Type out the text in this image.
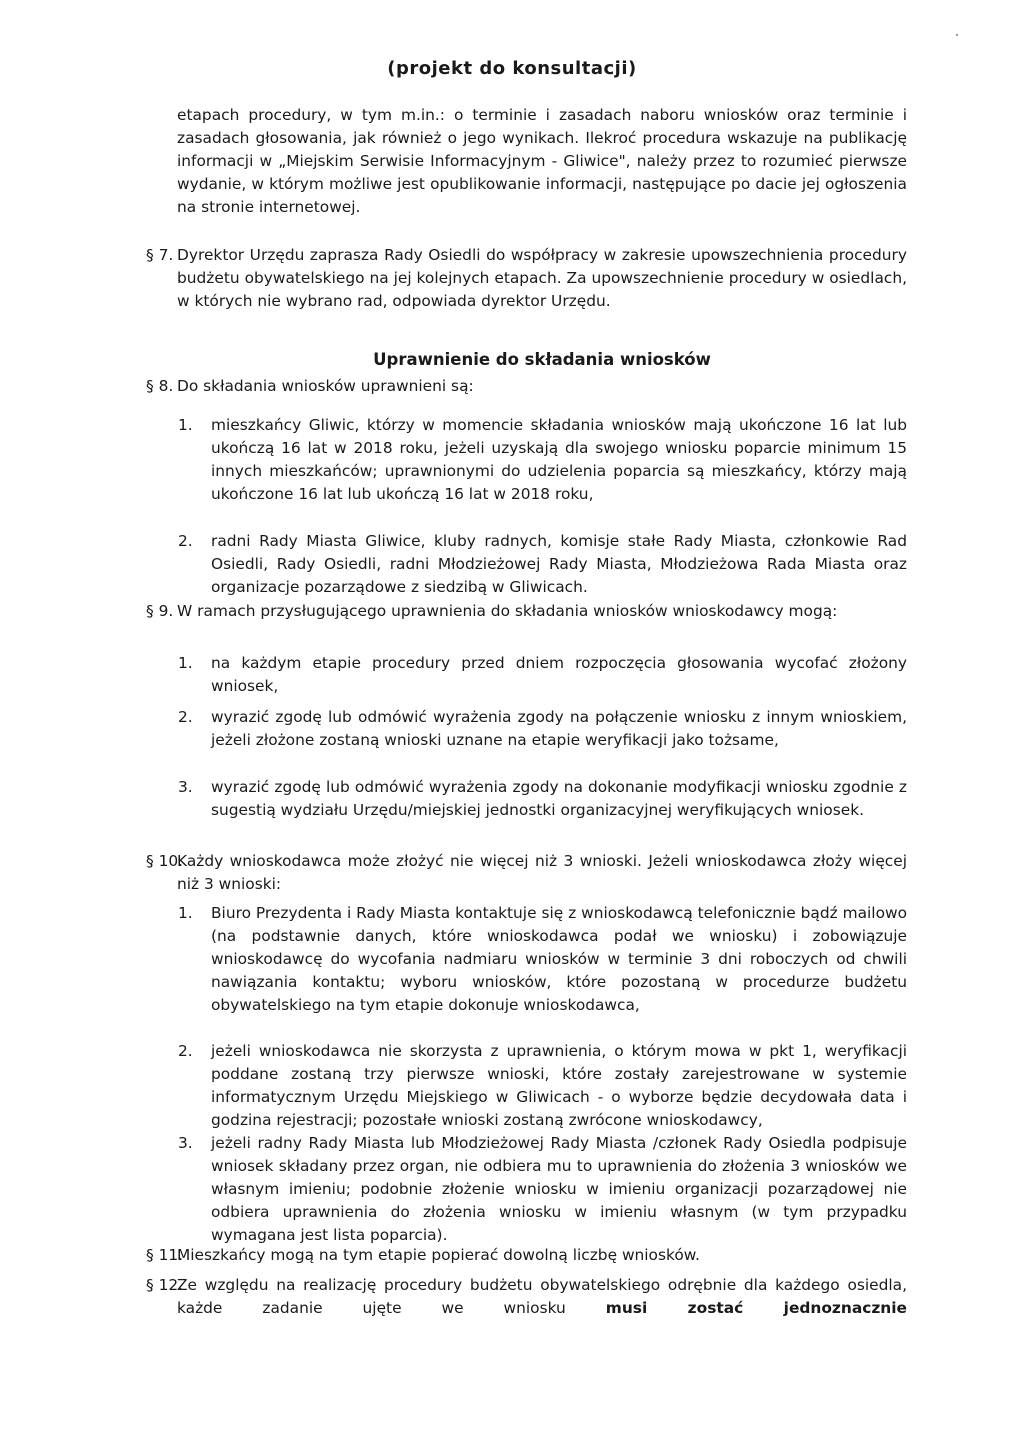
(projekt do konsultacji)
etapach procedury, w tym m.in.: o terminie i zasadach naboru wniosków oraz terminie i zasadach głosowania, jak również o jego wynikach. Ilekroć procedura wskazuje na publikację informacji w „Miejskim Serwisie Informacyjnym - Gliwice", należy przez to rozumieć pierwsze wydanie, w którym możliwe jest opublikowanie informacji, następujące po dacie jej ogłoszenia na stronie internetowej.
§ 7. Dyrektor Urzędu zaprasza Rady Osiedli do współpracy w zakresie upowszechnienia procedury budżetu obywatelskiego na jej kolejnych etapach. Za upowszechnienie procedury w osiedlach, w których nie wybrano rad, odpowiada dyrektor Urzędu.
Uprawnienie do składania wniosków
§ 8. Do składania wniosków uprawnieni są:
1. mieszkańcy Gliwic, którzy w momencie składania wniosków mają ukończone 16 lat lub ukończą 16 lat w 2018 roku, jeżeli uzyskają dla swojego wniosku poparcie minimum 15 innych mieszkańców; uprawnionymi do udzielenia poparcia są mieszkańcy, którzy mają ukończone 16 lat lub ukończą 16 lat w 2018 roku,
2. radni Rady Miasta Gliwice, kluby radnych, komisje stałe Rady Miasta, członkowie Rad Osiedli, Rady Osiedli, radni Młodzieżowej Rady Miasta, Młodzieżowa Rada Miasta oraz organizacje pozarządowe z siedzibą w Gliwicach.
§ 9. W ramach przysługującego uprawnienia do składania wniosków wnioskodawcy mogą:
1. na każdym etapie procedury przed dniem rozpoczęcia głosowania wycofać złożony wniosek,
2. wyrazić zgodę lub odmówić wyrażenia zgody na połączenie wniosku z innym wnioskiem, jeżeli złożone zostaną wnioski uznane na etapie weryfikacji jako tożsame,
3. wyrazić zgodę lub odmówić wyrażenia zgody na dokonanie modyfikacji wniosku zgodnie z sugestią wydziału Urzędu/miejskiej jednostki organizacyjnej weryfikujących wniosek.
§ 10.
Każdy wnioskodawca może złożyć nie więcej niż 3 wnioski. Jeżeli wnioskodawca złoży więcej niż 3 wnioski:
1. Biuro Prezydenta i Rady Miasta kontaktuje się z wnioskodawcą telefonicznie bądź mailowo (na podstawnie danych, które wnioskodawca podał we wniosku) i zobowiązuje wnioskodawcę do wycofania nadmiaru wniosków w terminie 3 dni roboczych od chwili nawiązania kontaktu; wyboru wniosków, które pozostaną w procedurze budżetu obywatelskiego na tym etapie dokonuje wnioskodawca,
2. jeżeli wnioskodawca nie skorzysta z uprawnienia, o którym mowa w pkt 1, weryfikacji poddane zostaną trzy pierwsze wnioski, które zostały zarejestrowane w systemie informatycznym Urzędu Miejskiego w Gliwicach - o wyborze będzie decydowała data i godzina rejestracji; pozostałe wnioski zostaną zwrócone wnioskodawcy,
3. jeżeli radny Rady Miasta lub Młodzieżowej Rady Miasta /członek Rady Osiedla podpisuje wniosek składany przez organ, nie odbiera mu to uprawnienia do złożenia 3 wniosków we własnym imieniu; podobnie złożenie wniosku w imieniu organizacji pozarządowej nie odbiera uprawnienia do złożenia wniosku w imieniu własnym (w tym przypadku wymagana jest lista poparcia).
§ 11.
Mieszkańcy mogą na tym etapie popierać dowolną liczbę wniosków.
§ 12.
Ze względu na realizację procedury budżetu obywatelskiego odrębnie dla każdego osiedla, każde zadanie ujęte we wniosku	musi zostać jednoznacznie
